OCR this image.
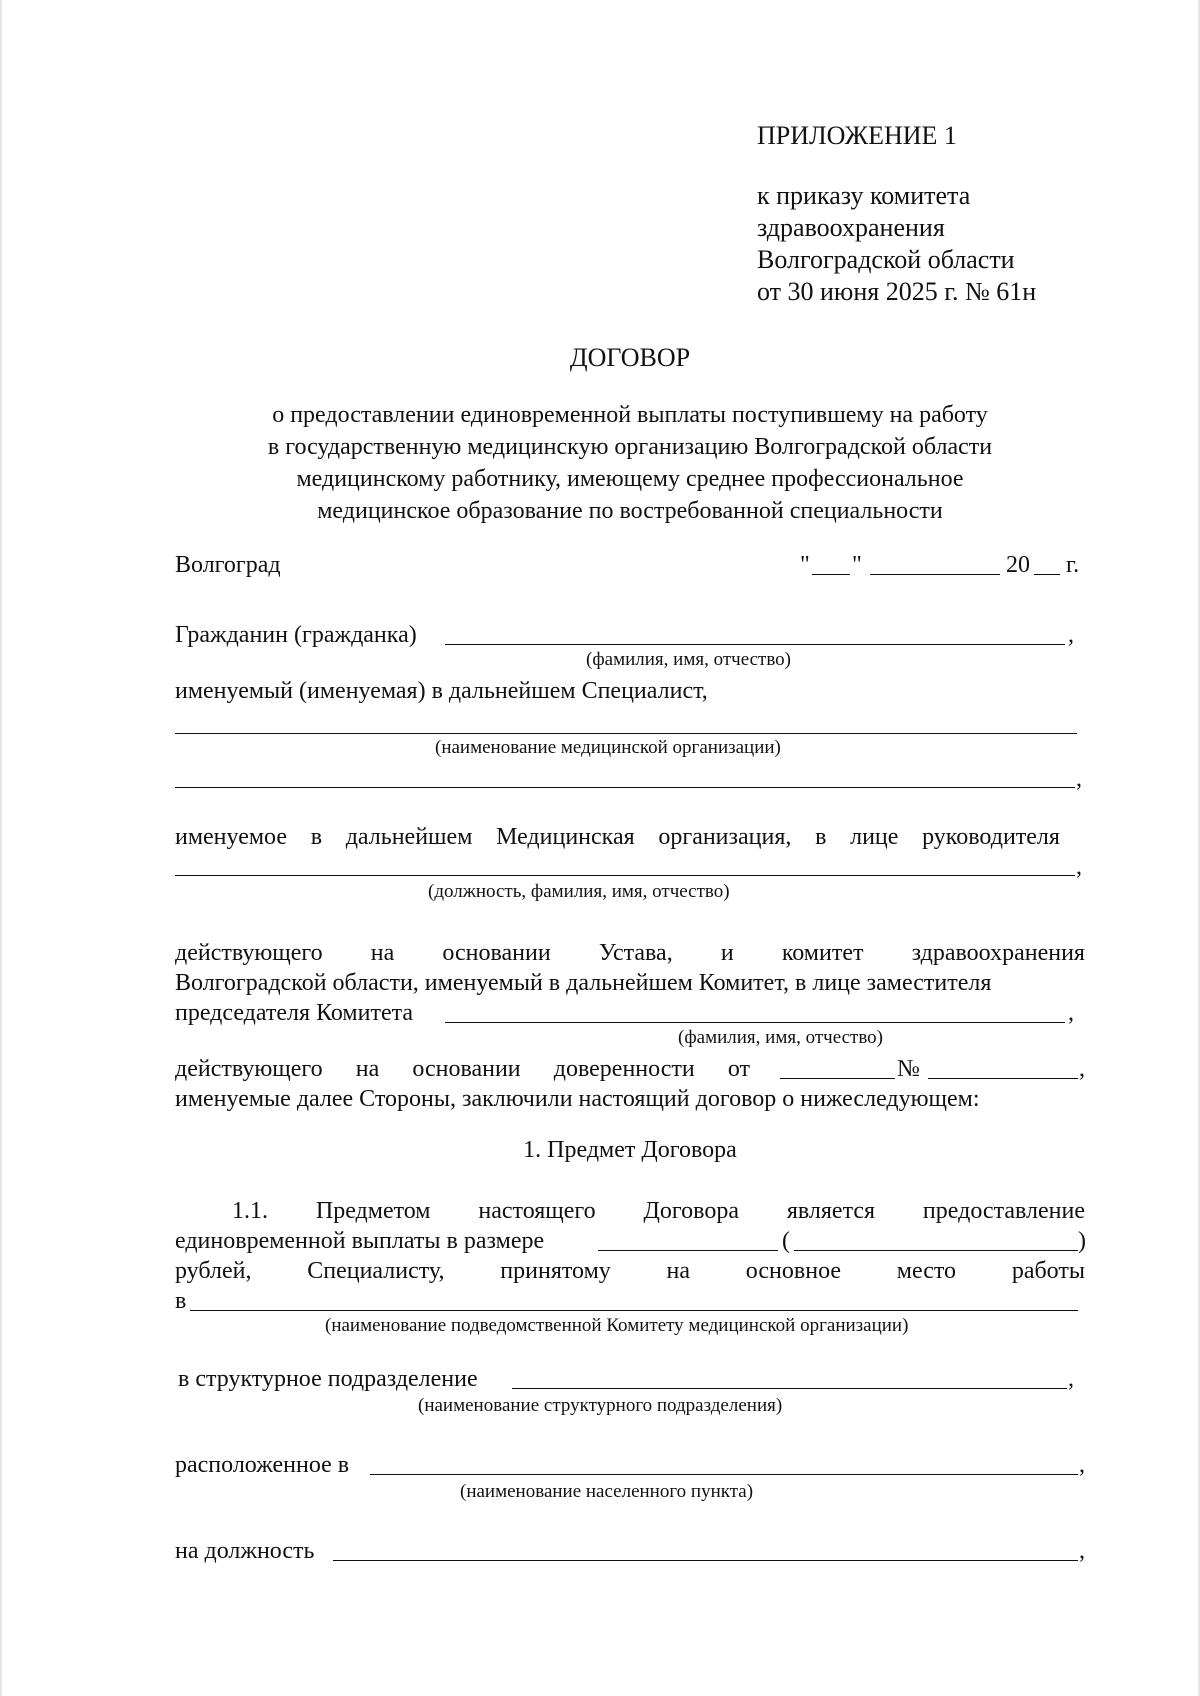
ПРИЛОЖЕНИЕ 1
к приказу комитета
здравоохранения
Волгоградской области
от 30 июня 2025 г. № 61н
ДОГОВОР
о предоставлении единовременной выплаты поступившему на работу
в государственную медицинскую организацию Волгоградской области
медицинскому работнику, имеющему среднее профессиональное
медицинское образование по востребованной специальности
Волгоград	" "	20 г.
Гражданин (гражданка)	,
(фамилия, имя, отчество)
именуемый (именуемая) в дальнейшем Специалист,
(наименование медицинской организации)
,
именуемое в дальнейшем Медицинская организация, в лице руководителя
,
(должность, фамилия, имя, отчество)
действующего на основании Устава, и комитет здравоохранения
Волгоградской области, именуемый в дальнейшем Комитет, в лице заместителя
председателя Комитета	,
(фамилия, имя, отчество)
действующего на основании доверенности от	№	,
именуемые далее Стороны, заключили настоящий договор о нижеследующем:
1. Предмет Договора
1.1. Предметом настоящего Договора является предоставление
единовременной выплаты в размере	(	)
рублей, Специалисту, принятому на основное место работы
в
(наименование подведомственной Комитету медицинской организации)
в структурное подразделение	,
(наименование структурного подразделения)
расположенное в	,
(наименование населенного пункта)
на должность	,
